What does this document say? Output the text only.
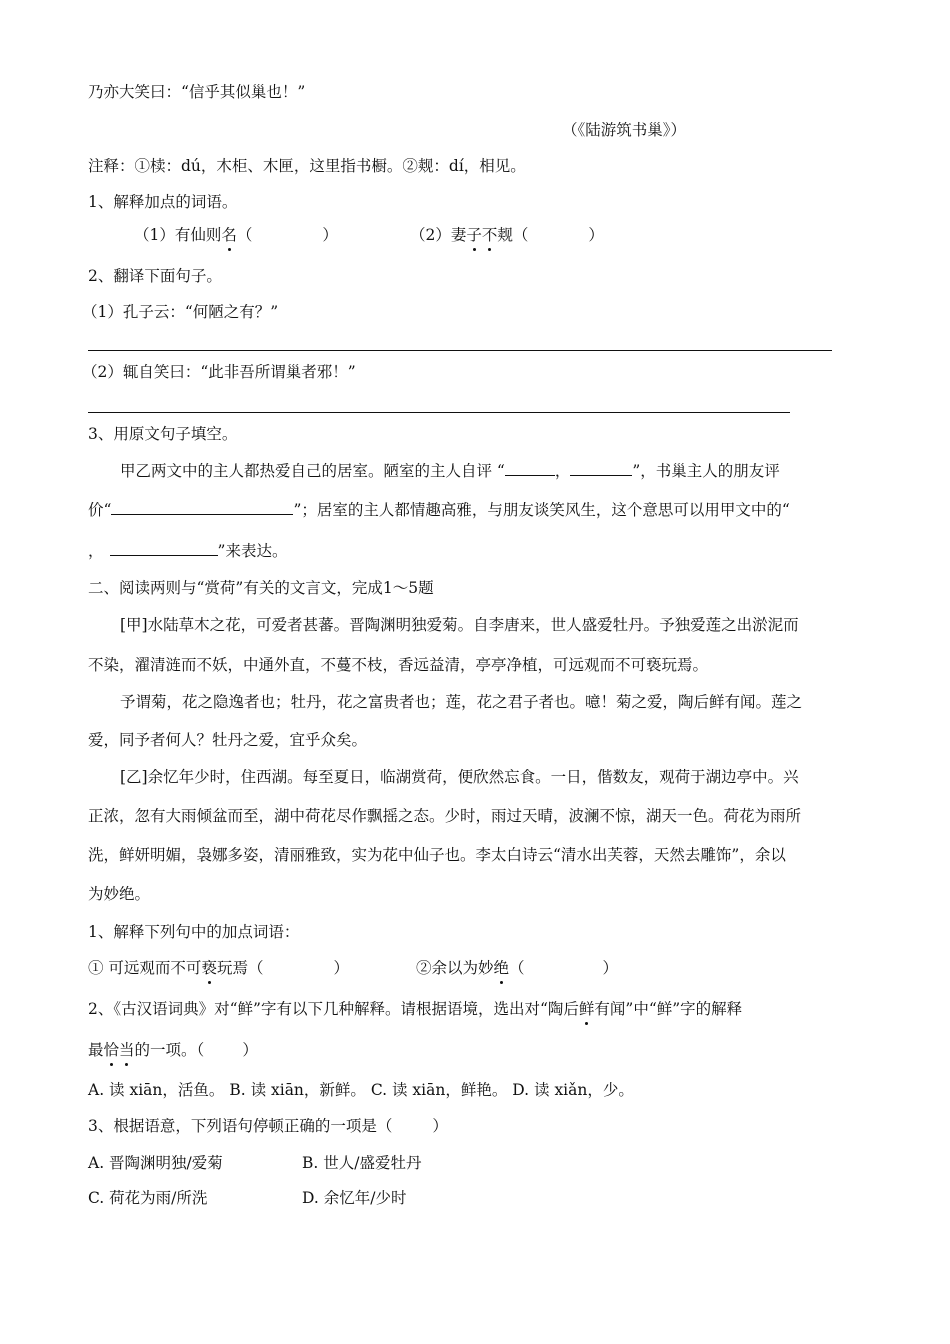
乃亦大笑曰：“信乎其似巢也！”
（《陆游筑书巢》）
注释：①椟：dú，木柜、木匣，这里指书橱。②觌：dí，相见。
1、解释加点的词语。
（1）有仙则名（	）	（2）妻子不觌（	）
2、翻译下面句子。
（1）孔子云：“何陋之有？”
（2）辄自笑曰：“此非吾所谓巢者邪！”
3、用原文句子填空。
甲乙两文中的主人都热爱自己的居室。陋室的主人自评 “	，	”，书巢主人的朋友评
价“	”；居室的主人都情趣高雅，与朋友谈笑风生，这个意思可以用甲文中的“
，	”来表达。
二、阅读两则与“赏荷”有关的文言文，完成1～5题
[甲]水陆草木之花，可爱者甚蕃。晋陶渊明独爱菊。自李唐来，世人盛爱牡丹。予独爱莲之出淤泥而
不染，濯清涟而不妖，中通外直，不蔓不枝，香远益清，亭亭净植，可远观而不可亵玩焉。
予谓菊，花之隐逸者也；牡丹，花之富贵者也；莲，花之君子者也。噫！菊之爱，陶后鲜有闻。莲之
爱，同予者何人？牡丹之爱，宜乎众矣。
[乙]余忆年少时，住西湖。每至夏日，临湖赏荷，便欣然忘食。一日，偕数友，观荷于湖边亭中。兴
正浓，忽有大雨倾盆而至，湖中荷花尽作飘摇之态。少时，雨过天晴，波澜不惊，湖天一色。荷花为雨所
洗，鲜妍明媚，袅娜多姿，清丽雅致，实为花中仙子也。李太白诗云“清水出芙蓉，天然去雕饰”，余以
为妙绝。
1、解释下列句中的加点词语：
① 可远观而不可亵玩焉（	）	②余以为妙绝（	）
2、《古汉语词典》对“鲜”字有以下几种解释。请根据语境，选出对“陶后鲜有闻”中“鲜”字的解释
最恰当的一项。（ ）
A. 读 xiān，活鱼。 B. 读 xiān，新鲜。 C. 读 xiān，鲜艳。 D. 读 xiǎn，少。
3、根据语意，下列语句停顿正确的一项是（	）
A. 晋陶渊明独/爱菊	B. 世人/盛爱牡丹
C. 荷花为雨/所洗	D. 余忆年/少时
